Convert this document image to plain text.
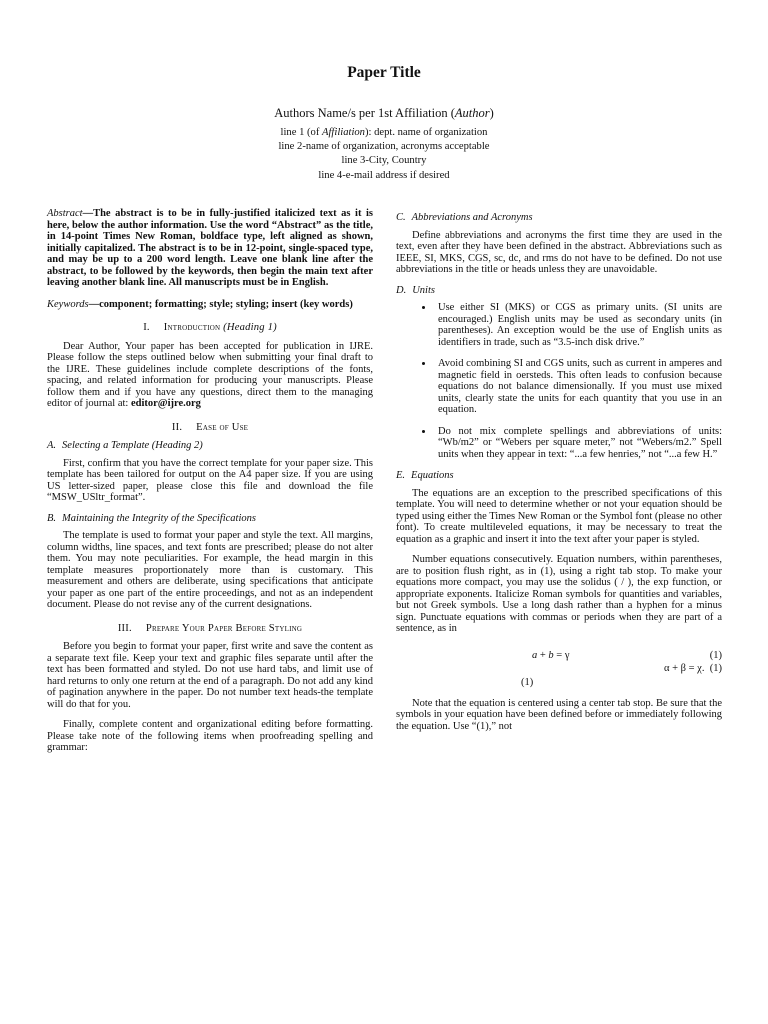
Paper Title
Authors Name/s per 1st Affiliation (Author)
line 1 (of Affiliation): dept. name of organization
line 2-name of organization, acronyms acceptable
line 3-City, Country
line 4-e-mail address if desired

Abstract—The abstract is to be in fully-justified italicized text as it is here, below the author information. Use the word “Abstract” as the title, in 14-point Times New Roman, boldface type, left aligned as shown, initially capitalized. The abstract is to be in 12-point, single-spaced type, and may be up to a 200 word length. Leave one blank line after the abstract, to be followed by the keywords, then begin the main text after leaving another blank line. All manuscripts must be in English.

Keywords—component; formatting; style; styling; insert (key words)

I. Introduction (Heading 1)

Dear Author, Your paper has been accepted for publication in IJRE. Please follow the steps outlined below when submitting your final draft to the IJRE. These guidelines include complete descriptions of the fonts, spacing, and related information for producing your manuscripts. Please follow them and if you have any questions, direct them to the managing editor of journal at: editor@ijre.org

II. Ease of Use
A. Selecting a Template (Heading 2)

First, confirm that you have the correct template for your paper size. This template has been tailored for output on the A4 paper size. If you are using US letter-sized paper, please close this file and download the file “MSW_USltr_format”.

B. Maintaining the Integrity of the Specifications

The template is used to format your paper and style the text. All margins, column widths, line spaces, and text fonts are prescribed; please do not alter them. You may note peculiarities. For example, the head margin in this template measures proportionately more than is customary. This measurement and others are deliberate, using specifications that anticipate your paper as one part of the entire proceedings, and not as an independent document. Please do not revise any of the current designations.

III. Prepare Your Paper Before Styling

Before you begin to format your paper, first write and save the content as a separate text file. Keep your text and graphic files separate until after the text has been formatted and styled. Do not use hard tabs, and limit use of hard returns to only one return at the end of a paragraph. Do not add any kind of pagination anywhere in the paper. Do not number text heads-the template will do that for you.

Finally, complete content and organizational editing before formatting. Please take note of the following items when proofreading spelling and grammar:

C. Abbreviations and Acronyms

Define abbreviations and acronyms the first time they are used in the text, even after they have been defined in the abstract. Abbreviations such as IEEE, SI, MKS, CGS, sc, dc, and rms do not have to be defined. Do not use abbreviations in the title or heads unless they are unavoidable.

D. Units
• Use either SI (MKS) or CGS as primary units. (SI units are encouraged.) English units may be used as secondary units (in parentheses). An exception would be the use of English units as identifiers in trade, such as “3.5-inch disk drive.”
• Avoid combining SI and CGS units, such as current in amperes and magnetic field in oersteds. This often leads to confusion because equations do not balance dimensionally. If you must use mixed units, clearly state the units for each quantity that you use in an equation.
• Do not mix complete spellings and abbreviations of units: “Wb/m2” or “Webers per square meter,” not “Webers/m2.” Spell units when they appear in text: “...a few henries,” not “...a few H.”
E. Equations

The equations are an exception to the prescribed specifications of this template. You will need to determine whether or not your equation should be typed using either the Times New Roman or the Symbol font (please no other font). To create multileveled equations, it may be necessary to treat the equation as a graphic and insert it into the text after your paper is styled.

Number equations consecutively. Equation numbers, within parentheses, are to position flush right, as in (1), using a right tab stop. To make your equations more compact, you may use the solidus ( / ), the exp function, or appropriate exponents. Italicize Roman symbols for quantities and variables, but not Greek symbols. Use a long dash rather than a hyphen for a minus sign. Punctuate equations with commas or periods when they are part of a sentence, as in

a + b = γ	(1)
α + β = χ. (1)
(1)

Note that the equation is centered using a center tab stop. Be sure that the symbols in your equation have been defined before or immediately following the equation. Use “(1),” not
